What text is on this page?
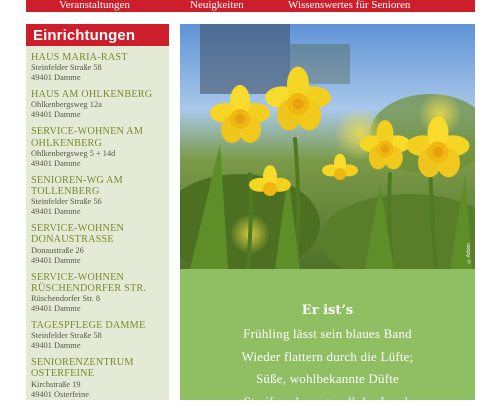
Veranstaltungen	Neuigkeiten	Wissenswertes für Senioren
Einrichtungen
HAUS MARIA-RAST
Steinfelder Straße 58
49401 Damme
HAUS AM OHLKENBERG
Ohlkenbergsweg 12a
49401 Damme
SERVICE-WOHNEN AM OHLKENBERG
Ohlkenbergsweg 5 + 14d
49401 Damme
SENIOREN-WG AM TOLLENBERG
Steinfelder Straße 56
49401 Damme
SERVICE-WOHNEN DONAUSTRASSE
Donaustraße 26
49401 Damme
SERVICE-WOHNEN RÜSCHENDORFER STR.
Rüschendorfer Str. 8
49401 Damme
TAGESPFLEGE DAMME
Steinfelder Straße 58
49401 Damme
SENIORENZENTRUM OSTERFEINE
Kirchstraße 19
49401 Osterfeine
©Adobe
Er ist’s
Frühling lässt sein blaues Band
Wieder flattern durch die Lüfte;
Süße, wohlbekannte Düfte
Streifen ahnungsvoll das Land.
